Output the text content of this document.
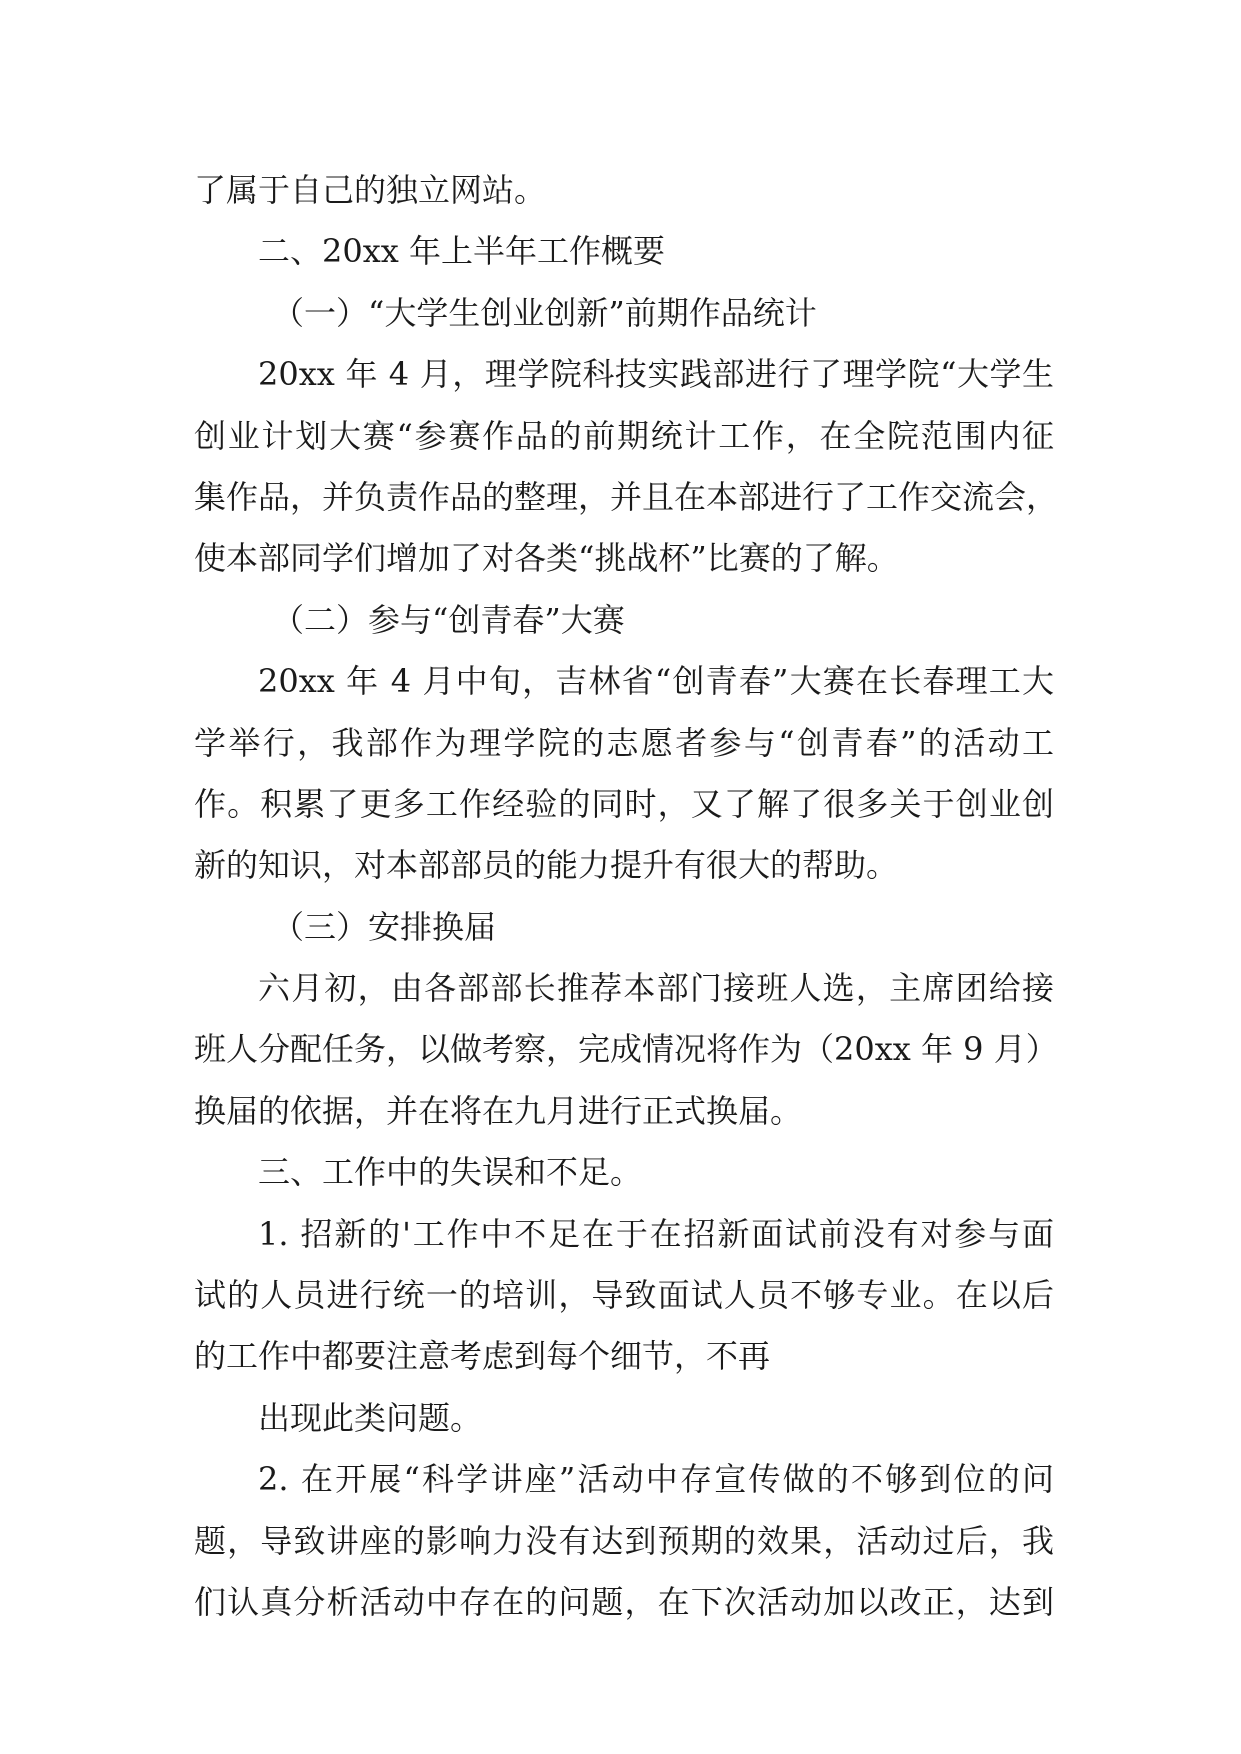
了属于自己的独立网站。
二、20xx 年上半年工作概要
（一）“大学生创业创新”前期作品统计
20xx 年 4 月，理学院科技实践部进行了理学院“大学生
创业计划大赛“参赛作品的前期统计工作，在全院范围内征
集作品，并负责作品的整理，并且在本部进行了工作交流会，
使本部同学们增加了对各类“挑战杯”比赛的了解。
（二）参与“创青春”大赛
20xx 年 4 月中旬，吉林省“创青春”大赛在长春理工大
学举行，我部作为理学院的志愿者参与“创青春”的活动工
作。积累了更多工作经验的同时，又了解了很多关于创业创
新的知识，对本部部员的能力提升有很大的帮助。
（三）安排换届
六月初，由各部部长推荐本部门接班人选，主席团给接
班人分配任务，以做考察，完成情况将作为（20xx 年 9 月）
换届的依据，并在将在九月进行正式换届。
三、工作中的失误和不足。
1. 招新的'工作中不足在于在招新面试前没有对参与面
试的人员进行统一的培训，导致面试人员不够专业。在以后
的工作中都要注意考虑到每个细节，不再
出现此类问题。
2. 在开展“科学讲座”活动中存宣传做的不够到位的问
题，导致讲座的影响力没有达到预期的效果，活动过后，我
们认真分析活动中存在的问题，在下次活动加以改正，达到
